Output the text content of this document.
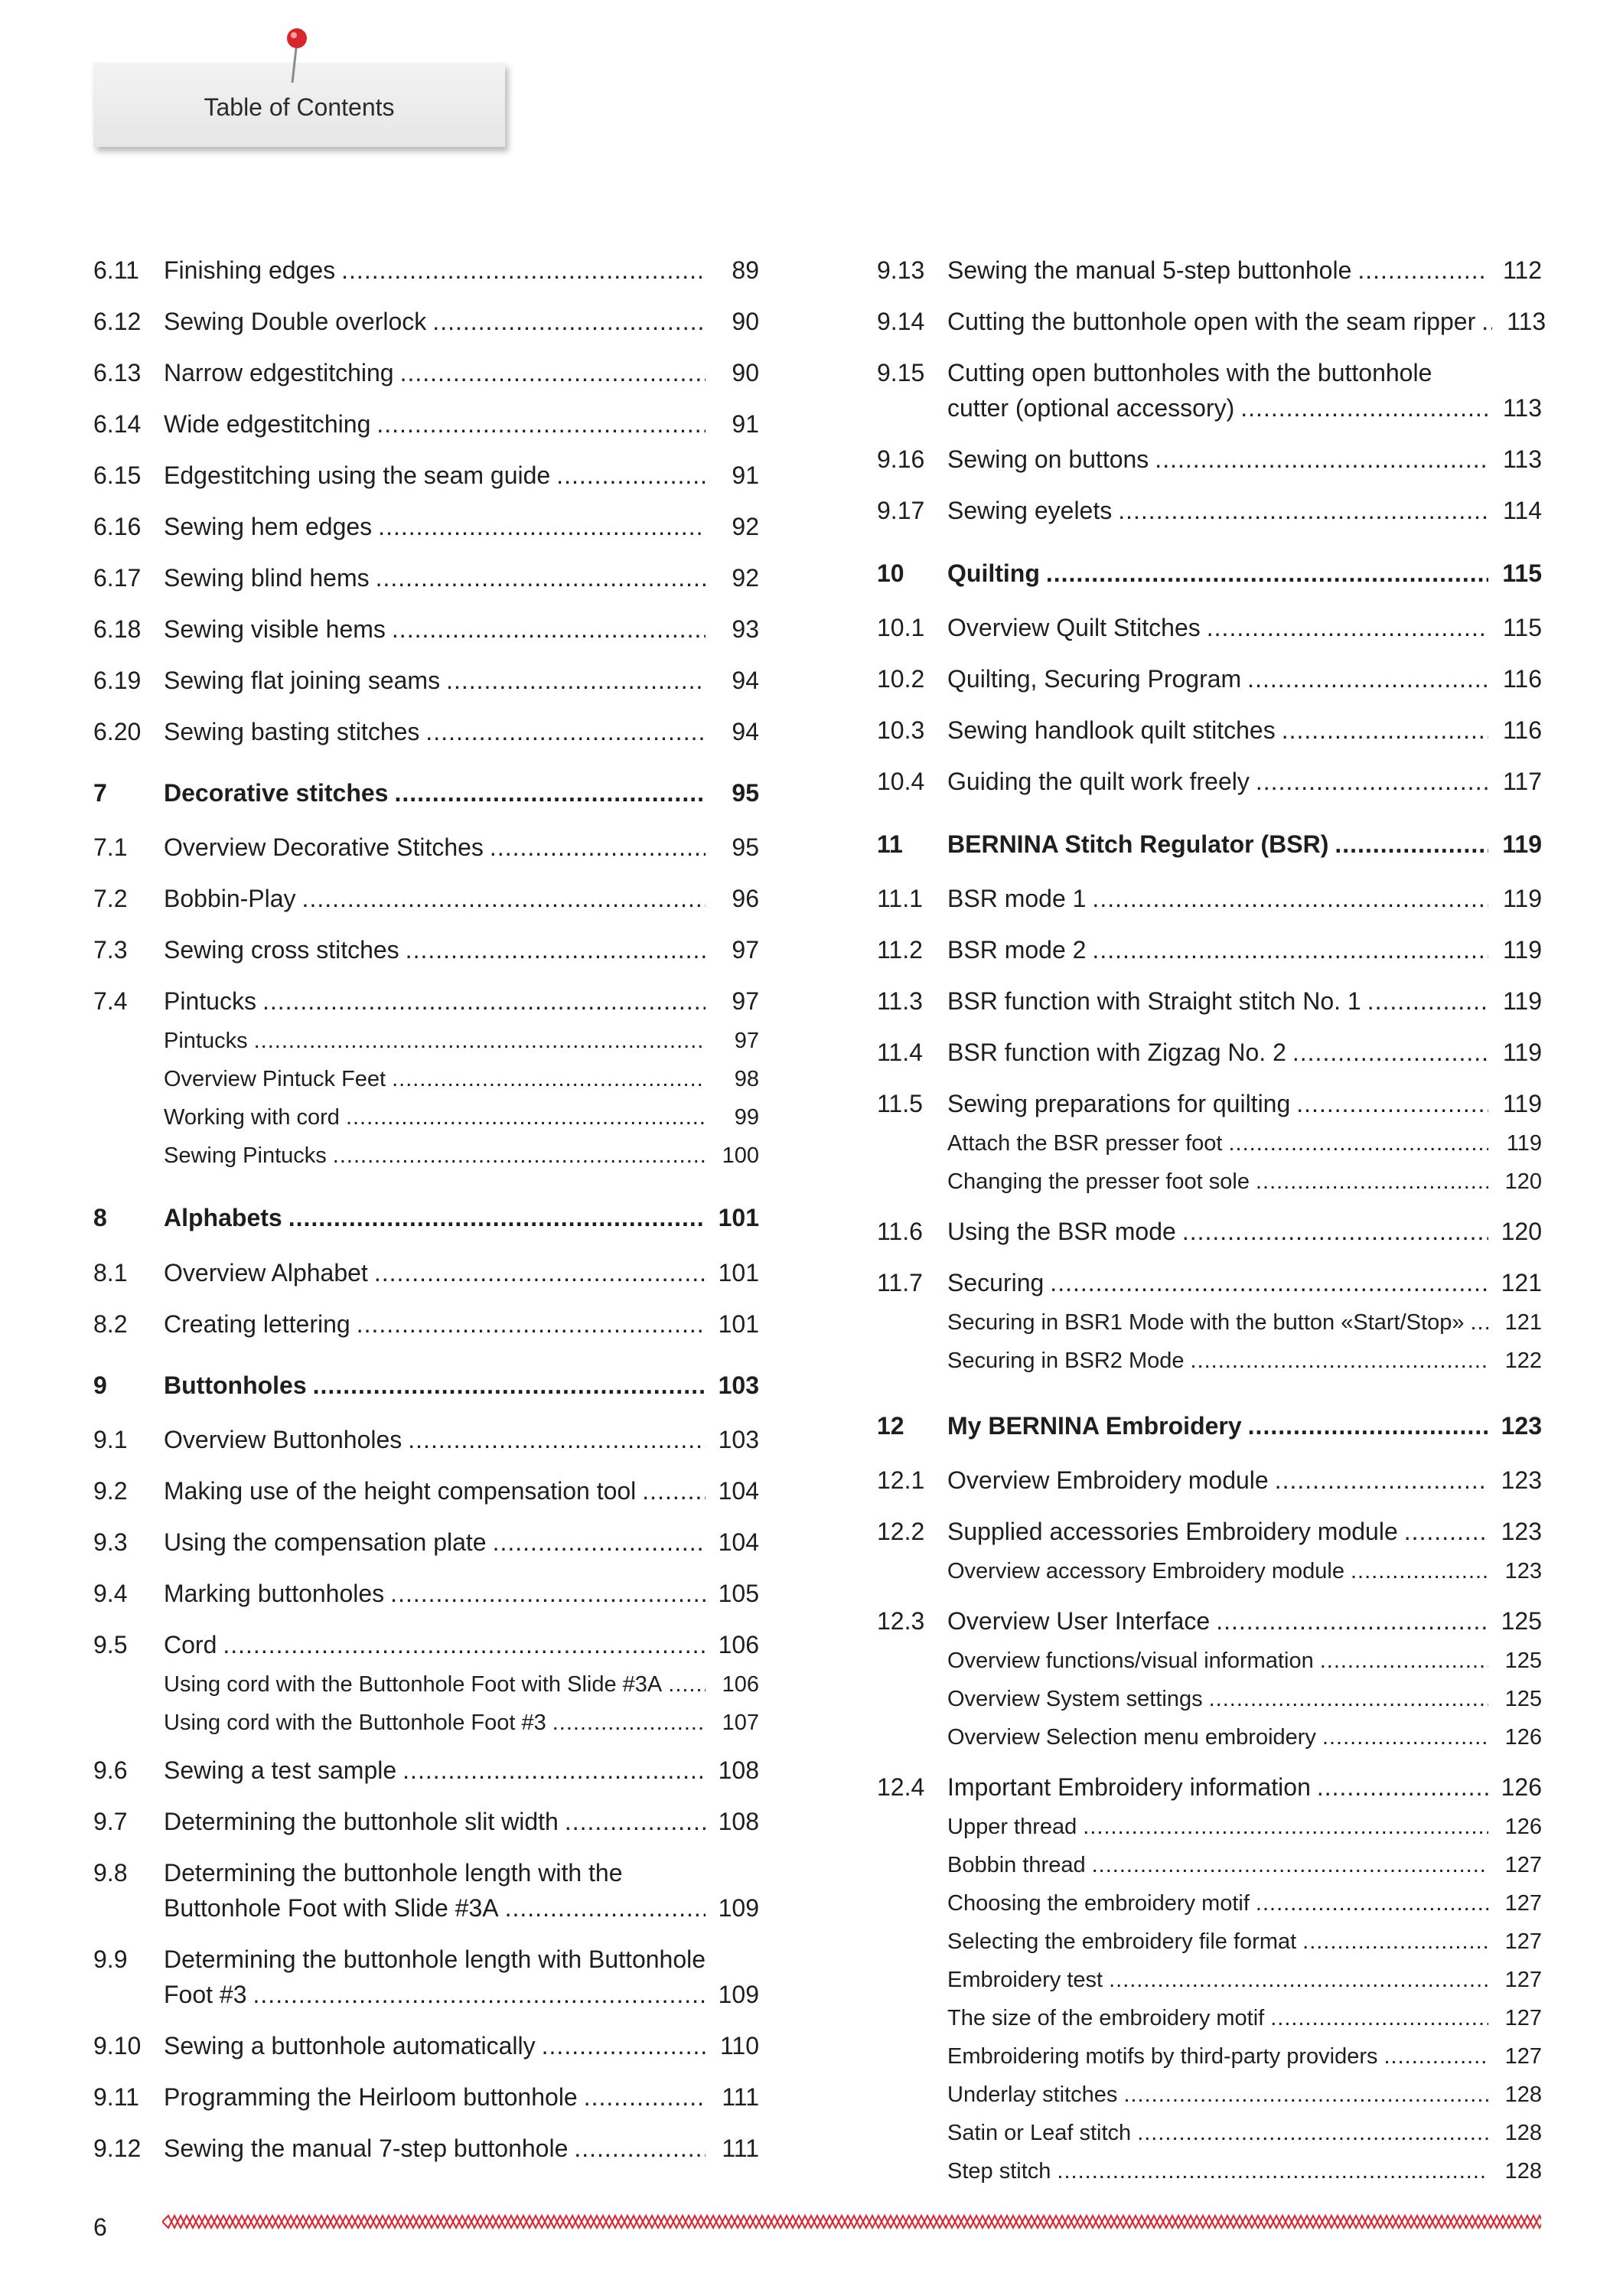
Table of Contents
6.11 Finishing edges .....	89
6.12 Sewing Double overlock .....	90
6.13 Narrow edgestitching .....	90
6.14 Wide edgestitching .....	91
6.15 Edgestitching using the seam guide .....	91
6.16 Sewing hem edges .....	92
6.17 Sewing blind hems .....	92
6.18 Sewing visible hems .....	93
6.19 Sewing flat joining seams .....	94
6.20 Sewing basting stitches .....	94
7 Decorative stitches .....	95
7.1 Overview Decorative Stitches .....	95
7.2 Bobbin-Play .....	96
7.3 Sewing cross stitches .....	97
7.4 Pintucks .....	97
Pintucks .....	97
Overview Pintuck Feet .....	98
Working with cord .....	99
Sewing Pintucks .....	100
8 Alphabets .....	101
8.1 Overview Alphabet .....	101
8.2 Creating lettering .....	101
9 Buttonholes .....	103
9.1 Overview Buttonholes .....	103
9.2 Making use of the height compensation tool .....	104
9.3 Using the compensation plate .....	104
9.4 Marking buttonholes .....	105
9.5 Cord .....	106
Using cord with the Buttonhole Foot with Slide #3A .....	106
Using cord with the Buttonhole Foot #3 .....	107
9.6 Sewing a test sample .....	108
9.7 Determining the buttonhole slit width .....	108
9.8 Determining the buttonhole length with the
Buttonhole Foot with Slide #3A .....	109
9.9 Determining the buttonhole length with Buttonhole
Foot #3 .....	109
9.10 Sewing a buttonhole automatically .....	110
9.11 Programming the Heirloom buttonhole .....	111
9.12 Sewing the manual 7-step buttonhole .....	111
9.13 Sewing the manual 5-step buttonhole .....	112
9.14 Cutting the buttonhole open with the seam ripper .....	113
9.15 Cutting open buttonholes with the buttonhole
cutter (optional accessory) .....	113
9.16 Sewing on buttons .....	113
9.17 Sewing eyelets .....	114
10 Quilting .....	115
10.1 Overview Quilt Stitches .....	115
10.2 Quilting, Securing Program .....	116
10.3 Sewing handlook quilt stitches .....	116
10.4 Guiding the quilt work freely .....	117
11 BERNINA Stitch Regulator (BSR) .....	119
11.1 BSR mode 1 .....	119
11.2 BSR mode 2 .....	119
11.3 BSR function with Straight stitch No. 1 .....	119
11.4 BSR function with Zigzag No. 2 .....	119
11.5 Sewing preparations for quilting .....	119
Attach the BSR presser foot .....	119
Changing the presser foot sole .....	120
11.6 Using the BSR mode .....	120
11.7 Securing .....	121
Securing in BSR1 Mode with the button «Start/Stop» .....	121
Securing in BSR2 Mode .....	122
12 My BERNINA Embroidery .....	123
12.1 Overview Embroidery module .....	123
12.2 Supplied accessories Embroidery module .....	123
Overview accessory Embroidery module .....	123
12.3 Overview User Interface .....	125
Overview functions/visual information .....	125
Overview System settings .....	125
Overview Selection menu embroidery .....	126
12.4 Important Embroidery information .....	126
Upper thread .....	126
Bobbin thread .....	127
Choosing the embroidery motif .....	127
Selecting the embroidery file format .....	127
Embroidery test .....	127
The size of the embroidery motif .....	127
Embroidering motifs by third-party providers .....	127
Underlay stitches .....	128
Satin or Leaf stitch .....	128
Step stitch .....	128
6
